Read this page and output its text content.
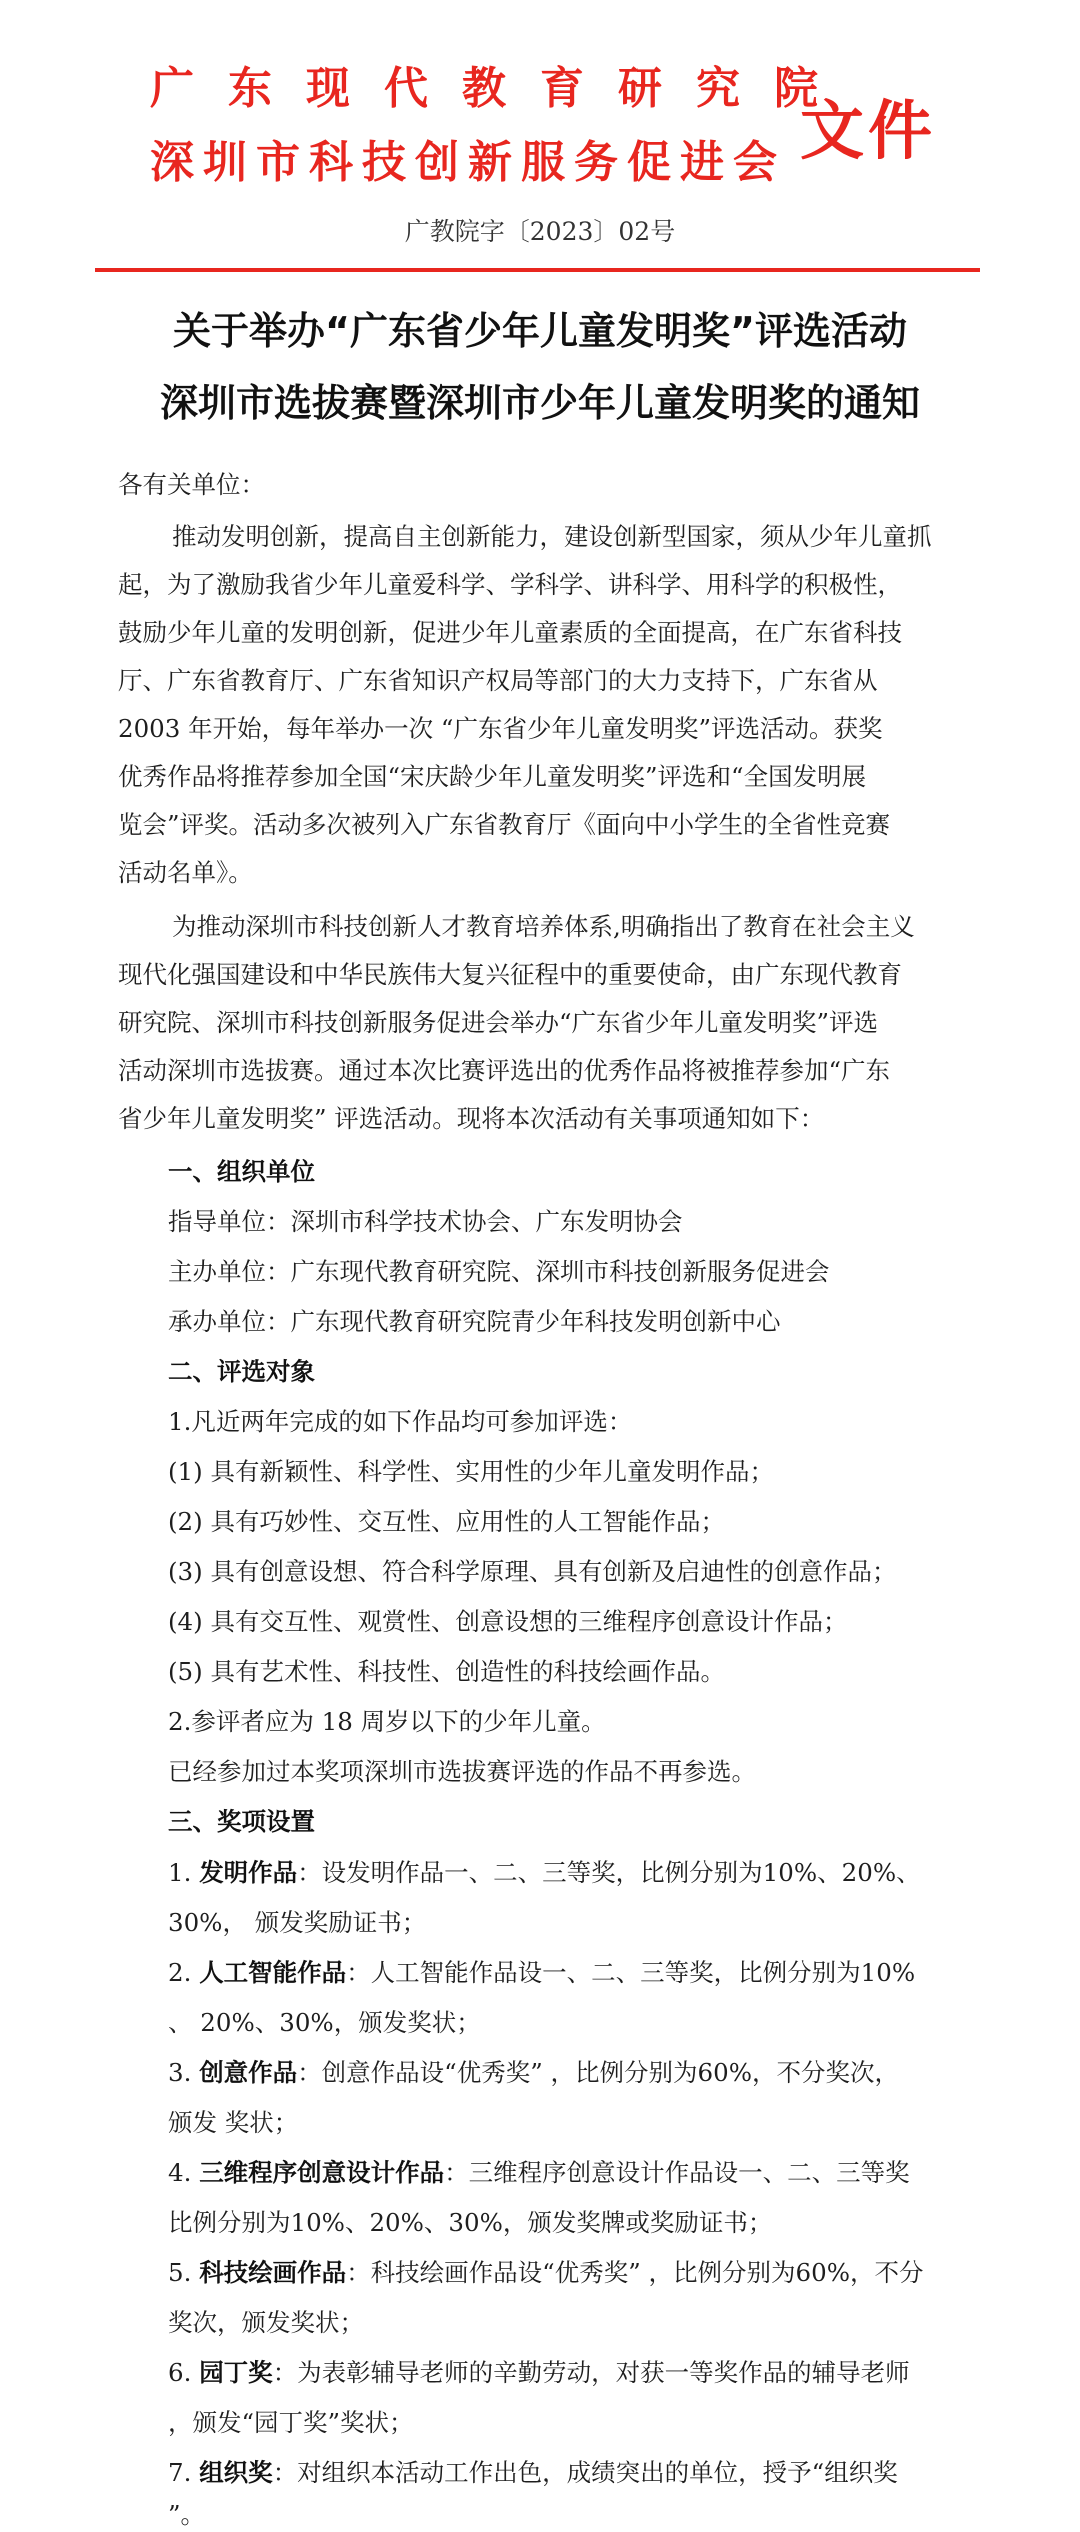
广东现代教育研究院
深圳市科技创新服务促进会 文件
广教院字〔2023〕02号
关于举办“广东省少年儿童发明奖”评选活动
深圳市选拔赛暨深圳市少年儿童发明奖的通知
各有关单位：
推动发明创新，提高自主创新能力，建设创新型国家，须从少年儿童抓
起，为了激励我省少年儿童爱科学、学科学、讲科学、用科学的积极性，
鼓励少年儿童的发明创新，促进少年儿童素质的全面提高，在广东省科技
厅、广东省教育厅、广东省知识产权局等部门的大力支持下，广东省从
2003 年开始，每年举办一次 “广东省少年儿童发明奖”评选活动。获奖
优秀作品将推荐参加全国“宋庆龄少年儿童发明奖”评选和“全国发明展
览会”评奖。活动多次被列入广东省教育厅《面向中小学生的全省性竞赛
活动名单》。
为推动深圳市科技创新人才教育培养体系,明确指出了教育在社会主义
现代化强国建设和中华民族伟大复兴征程中的重要使命，由广东现代教育
研究院、深圳市科技创新服务促进会举办“广东省少年儿童发明奖”评选
活动深圳市选拔赛。通过本次比赛评选出的优秀作品将被推荐参加“广东
省少年儿童发明奖” 评选活动。现将本次活动有关事项通知如下：
一、组织单位
指导单位：深圳市科学技术协会、广东发明协会
主办单位：广东现代教育研究院、深圳市科技创新服务促进会
承办单位：广东现代教育研究院青少年科技发明创新中心
二、评选对象
1.凡近两年完成的如下作品均可参加评选：
(1) 具有新颖性、科学性、实用性的少年儿童发明作品；
(2) 具有巧妙性、交互性、应用性的人工智能作品；
(3) 具有创意设想、符合科学原理、具有创新及启迪性的创意作品；
(4) 具有交互性、观赏性、创意设想的三维程序创意设计作品；
(5) 具有艺术性、科技性、创造性的科技绘画作品。
2.参评者应为 18 周岁以下的少年儿童。
已经参加过本奖项深圳市选拔赛评选的作品不再参选。
三、奖项设置
1. 发明作品：设发明作品一、二、三等奖，比例分别为10%、20%、
30%， 颁发奖励证书；
2. 人工智能作品：人工智能作品设一、二、三等奖，比例分别为10%
、 20%、30%，颁发奖状；
3. 创意作品：创意作品设“优秀奖” ，比例分别为60%，不分奖次，
颁发 奖状；
4. 三维程序创意设计作品：三维程序创意设计作品设一、二、三等奖
比例分别为10%、20%、30%，颁发奖牌或奖励证书；
5. 科技绘画作品：科技绘画作品设“优秀奖” ，比例分别为60%，不分
奖次，颁发奖状；
6. 园丁奖：为表彰辅导老师的辛勤劳动，对获一等奖作品的辅导老师
，颁发“园丁奖”奖状；
7. 组织奖：对组织本活动工作出色，成绩突出的单位，授予“组织奖
”。
